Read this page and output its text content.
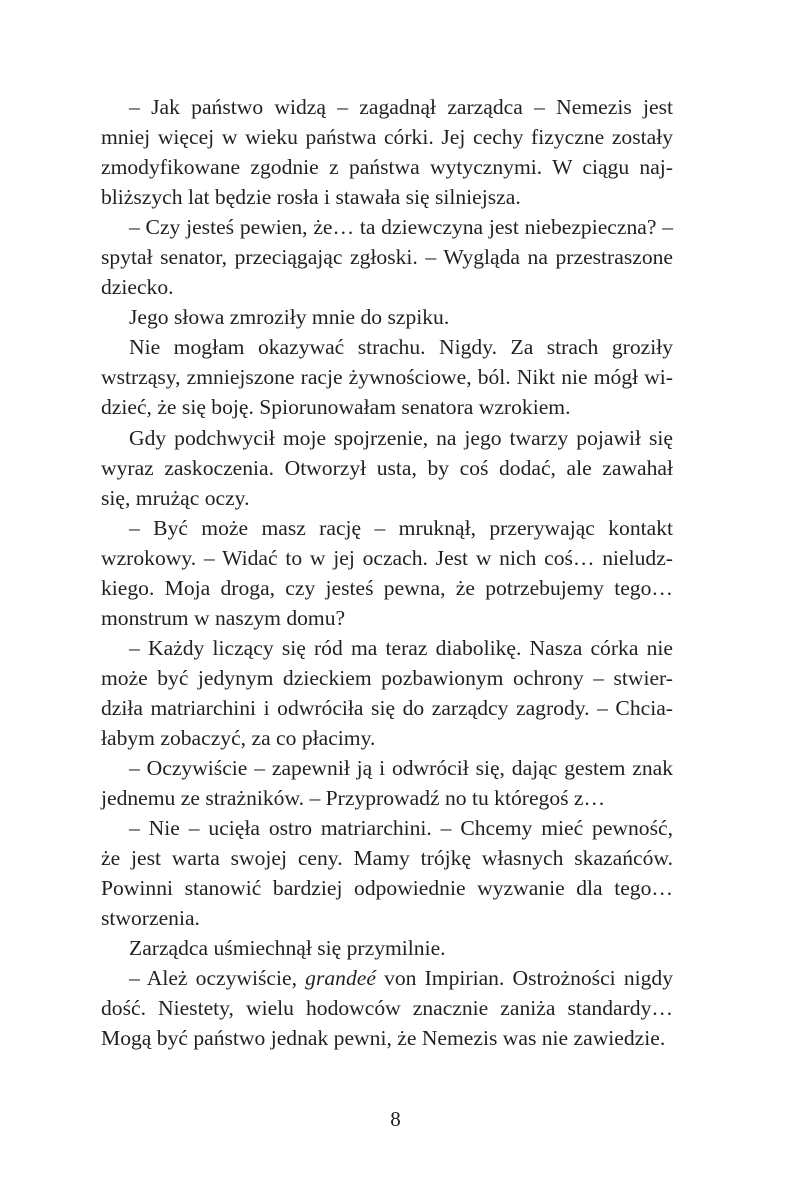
– Jak państwo widzą – zagadnął zarządca – Nemezis jest
mniej więcej w wieku państwa córki. Jej cechy fizyczne zostały
zmodyfikowane zgodnie z państwa wytycznymi. W ciągu naj-
bliższych lat będzie rosła i stawała się silniejsza.
– Czy jesteś pewien, że… ta dziewczyna jest niebezpieczna? –
spytał senator, przeciągając zgłoski. – Wygląda na przestraszone
dziecko.
Jego słowa zmroziły mnie do szpiku.
Nie mogłam okazywać strachu. Nigdy. Za strach groziły
wstrząsy, zmniejszone racje żywnościowe, ból. Nikt nie mógł wi-
dzieć, że się boję. Spiorunowałam senatora wzrokiem.
Gdy podchwycił moje spojrzenie, na jego twarzy pojawił się
wyraz zaskoczenia. Otworzył usta, by coś dodać, ale zawahał
się, mrużąc oczy.
– Być może masz rację – mruknął, przerywając kontakt
wzrokowy. – Widać to w jej oczach. Jest w nich coś… nieludz-
kiego. Moja droga, czy jesteś pewna, że potrzebujemy tego…
monstrum w naszym domu?
– Każdy liczący się ród ma teraz diabolikę. Nasza córka nie
może być jedynym dzieckiem pozbawionym ochrony – stwier-
dziła matriarchini i odwróciła się do zarządcy zagrody. – Chcia-
łabym zobaczyć, za co płacimy.
– Oczywiście – zapewnił ją i odwrócił się, dając gestem znak
jednemu ze strażników. – Przyprowadź no tu któregoś z…
– Nie – ucięła ostro matriarchini. – Chcemy mieć pewność,
że jest warta swojej ceny. Mamy trójkę własnych skazańców.
Powinni stanowić bardziej odpowiednie wyzwanie dla tego…
stworzenia.
Zarządca uśmiechnął się przymilnie.
– Ależ oczywiście, grandeé von Impirian. Ostrożności nigdy
dość. Niestety, wielu hodowców znacznie zaniża standardy…
Mogą być państwo jednak pewni, że Nemezis was nie zawiedzie.
8
